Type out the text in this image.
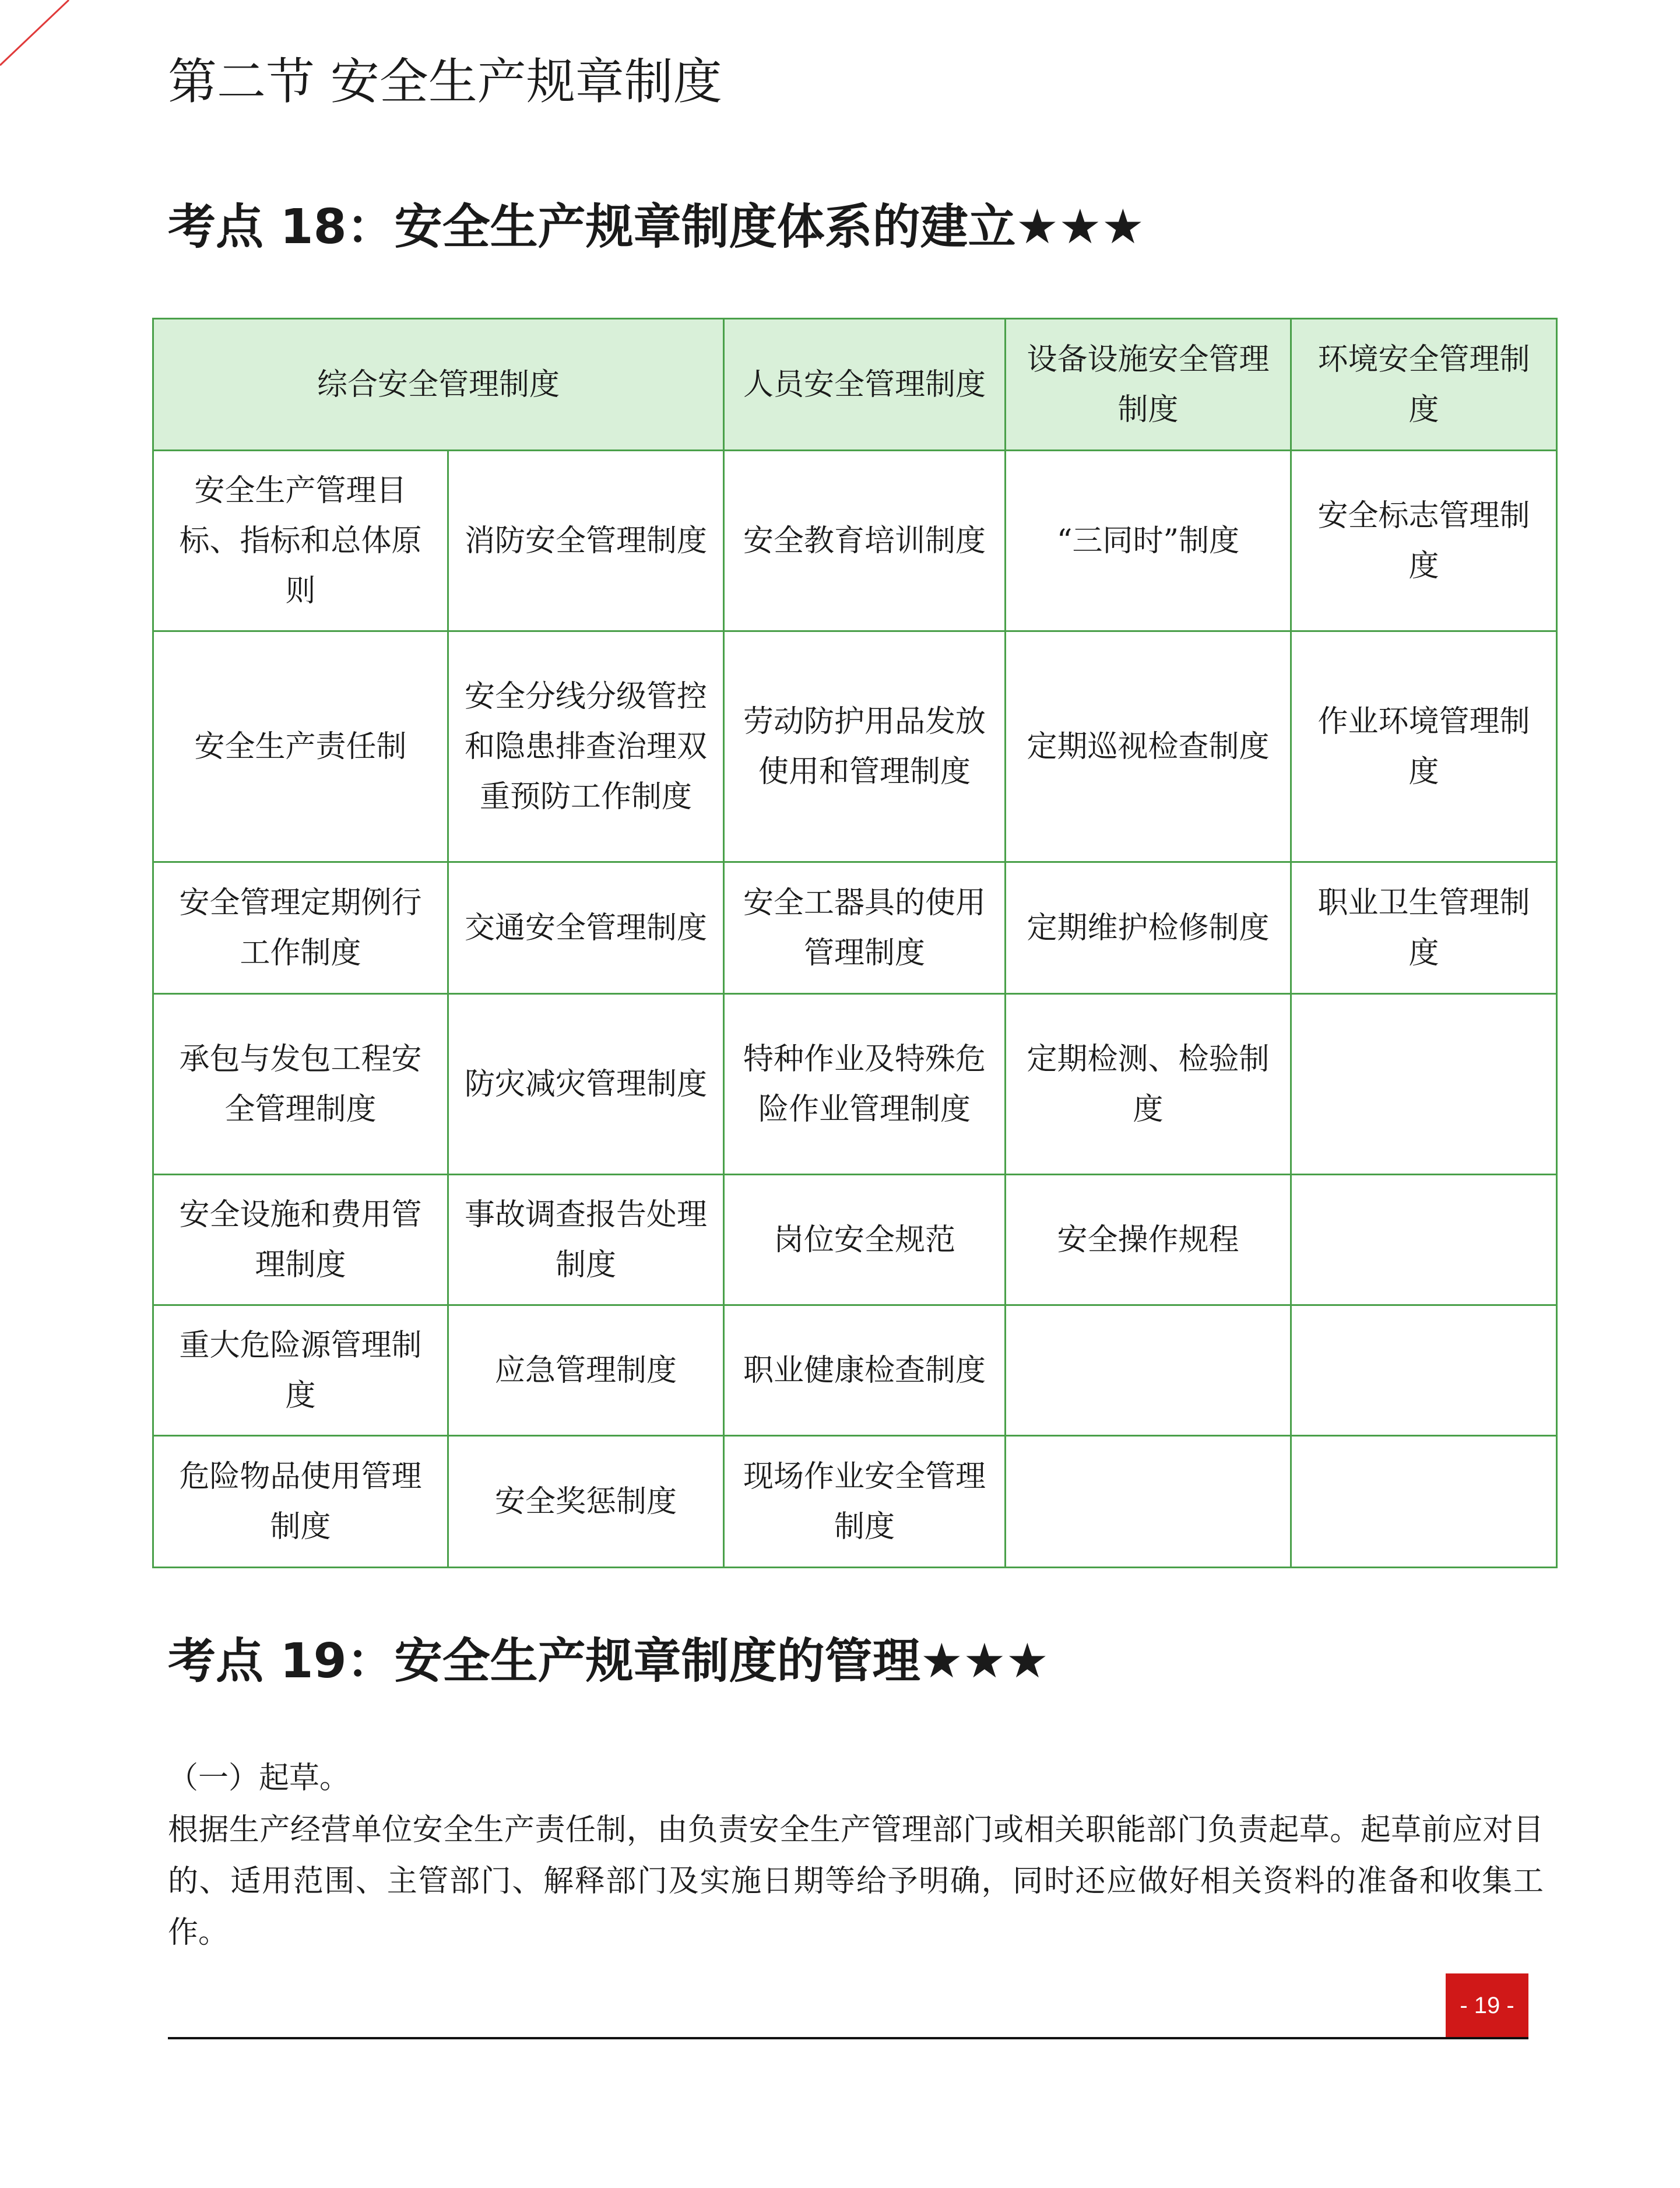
第二节 安全生产规章制度
考点 18：安全生产规章制度体系的建立★★★
综合安全管理制度		人员安全管理制度	设备设施安全管理制度	环境安全管理制度
安全生产管理目标、指标和总体原则	消防安全管理制度	安全教育培训制度	“三同时”制度	安全标志管理制度
安全生产责任制	安全分线分级管控和隐患排查治理双重预防工作制度	劳动防护用品发放使用和管理制度	定期巡视检查制度	作业环境管理制度
安全管理定期例行工作制度	交通安全管理制度	安全工器具的使用管理制度	定期维护检修制度	职业卫生管理制度
承包与发包工程安全管理制度	防灾减灾管理制度	特种作业及特殊危险作业管理制度	定期检测、检验制度	
安全设施和费用管理制度	事故调查报告处理制度	岗位安全规范	安全操作规程	
重大危险源管理制度	应急管理制度	职业健康检查制度		
危险物品使用管理制度	安全奖惩制度	现场作业安全管理制度		
考点 19：安全生产规章制度的管理★★★

（一）起草。

根据生产经营单位安全生产责任制，由负责安全生产管理部门或相关职能部门负责起草。起草前应对目的、适用范围、主管部门、解释部门及实施日期等给予明确，同时还应做好相关资料的准备和收集工作。

- 19 -
